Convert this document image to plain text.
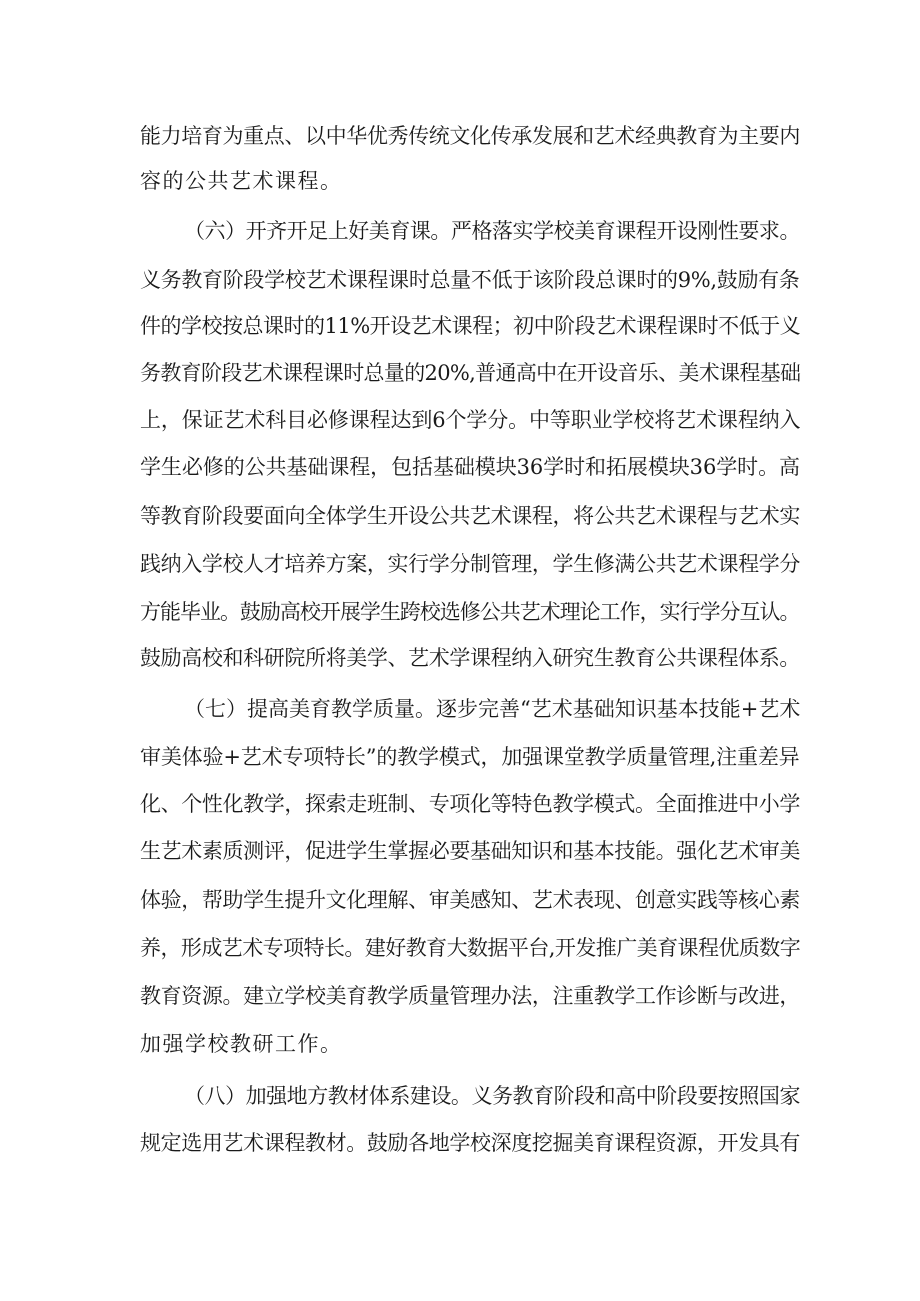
能力培育为重点、以中华优秀传统文化传承发展和艺术经典教育为主要内
容的公共艺术课程。
（六）开齐开足上好美育课。严格落实学校美育课程开设刚性要求。
义务教育阶段学校艺术课程课时总量不低于该阶段总课时的9%,鼓励有条
件的学校按总课时的11%开设艺术课程；初中阶段艺术课程课时不低于义
务教育阶段艺术课程课时总量的20%,普通高中在开设音乐、美术课程基础
上，保证艺术科目必修课程达到6个学分。中等职业学校将艺术课程纳入
学生必修的公共基础课程，包括基础模块36学时和拓展模块36学时。高
等教育阶段要面向全体学生开设公共艺术课程，将公共艺术课程与艺术实
践纳入学校人才培养方案，实行学分制管理，学生修满公共艺术课程学分
方能毕业。鼓励高校开展学生跨校选修公共艺术理论工作，实行学分互认。
鼓励高校和科研院所将美学、艺术学课程纳入研究生教育公共课程体系。
（七）提高美育教学质量。逐步完善“艺术基础知识基本技能+艺术
审美体验+艺术专项特长”的教学模式，加强课堂教学质量管理,注重差异
化、个性化教学，探索走班制、专项化等特色教学模式。全面推进中小学
生艺术素质测评，促进学生掌握必要基础知识和基本技能。强化艺术审美
体验，帮助学生提升文化理解、审美感知、艺术表现、创意实践等核心素
养，形成艺术专项特长。建好教育大数据平台,开发推广美育课程优质数字
教育资源。建立学校美育教学质量管理办法，注重教学工作诊断与改进，
加强学校教研工作。
（八）加强地方教材体系建设。义务教育阶段和高中阶段要按照国家
规定选用艺术课程教材。鼓励各地学校深度挖掘美育课程资源，开发具有
